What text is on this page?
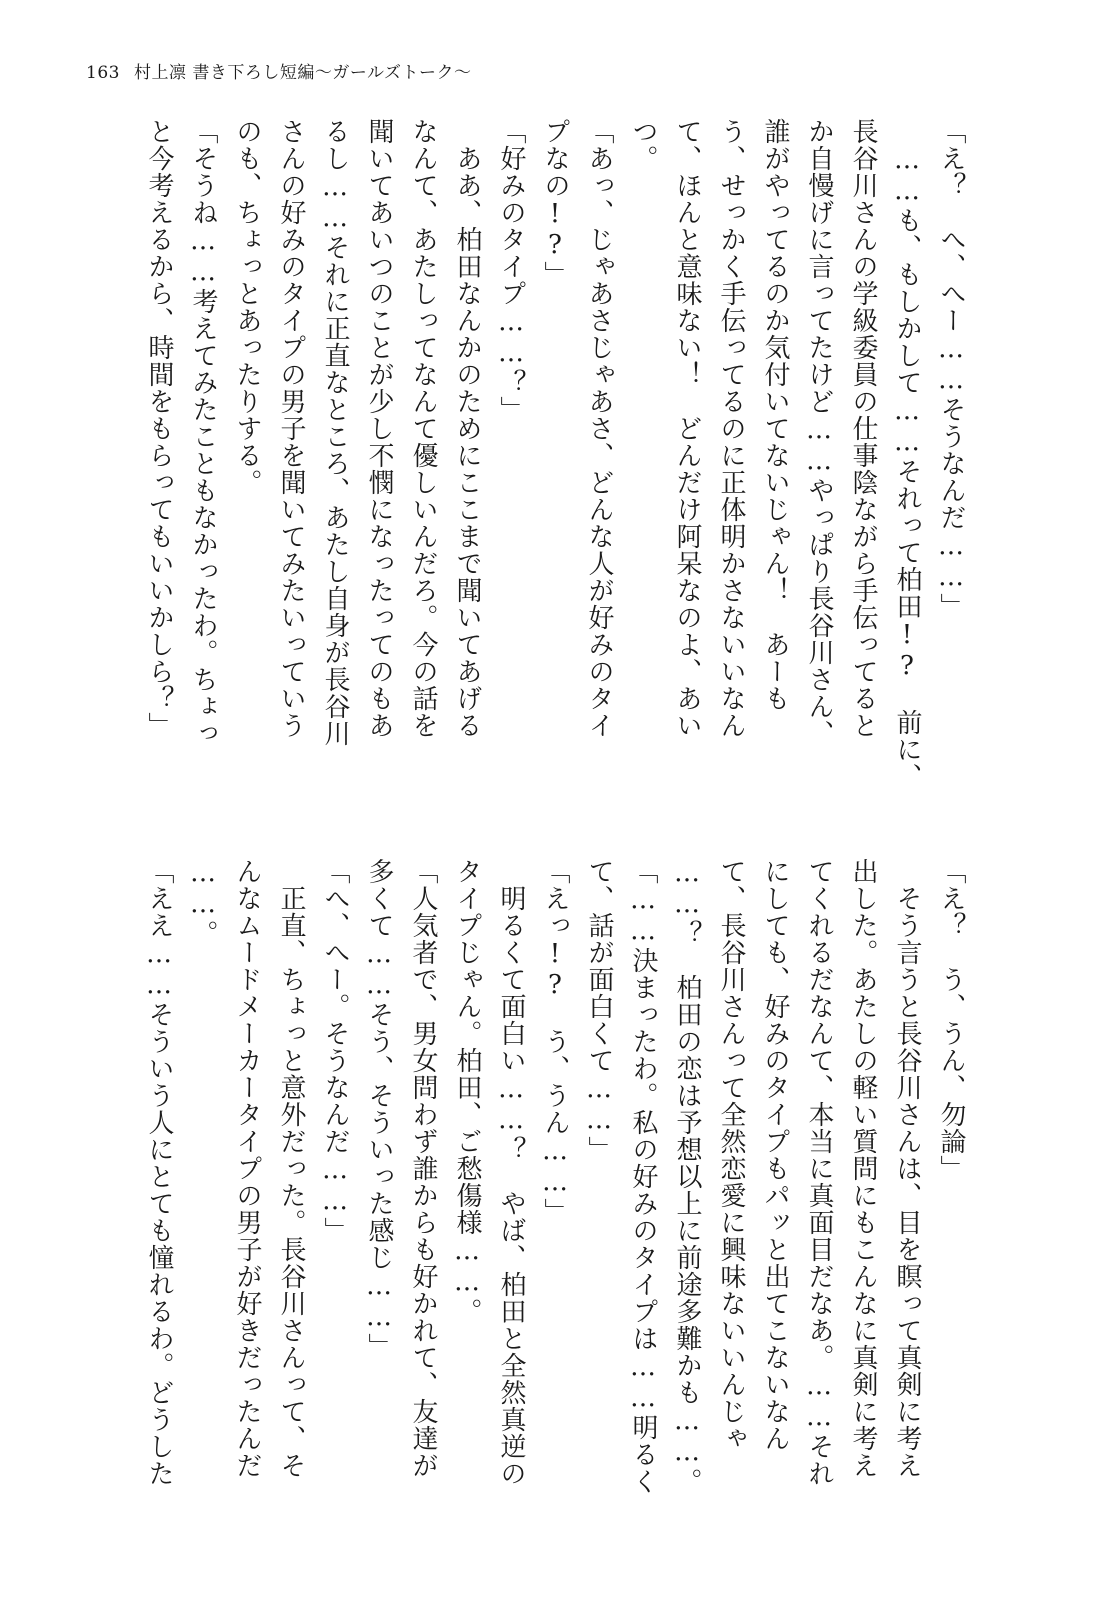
163 村上凛 書き下ろし短編〜ガールズトーク〜
「え？　へ、へー……そうなんだ……」
　……も、もしかして……それって柏田!?　前に、
長谷川さんの学級委員の仕事陰ながら手伝ってると
か自慢げに言ってたけど……やっぱり長谷川さん、
誰がやってるのか気付いてないじゃん！　あーも
う、せっかく手伝ってるのに正体明かさないいなん
て、ほんと意味ない！　どんだけ阿呆なのよ、あい
つ。
「あっ、じゃあさじゃあさ、どんな人が好みのタイ
プなの!?」
「好みのタイプ……？」
　ああ、柏田なんかのためにここまで聞いてあげる
なんて、あたしってなんて優しいんだろ。今の話を
聞いてあいつのことが少し不憫になったってのもあ
るし……それに正直なところ、あたし自身が長谷川
さんの好みのタイプの男子を聞いてみたいっていう
のも、ちょっとあったりする。
「そうね……考えてみたこともなかったわ。ちょっ
と今考えるから、時間をもらってもいいかしら？」
「え？　う、うん、勿論」
　そう言うと長谷川さんは、目を瞑って真剣に考え
出した。あたしの軽い質問にもこんなに真剣に考え
てくれるだなんて、本当に真面目だなあ。……それ
にしても、好みのタイプもパッと出てこないなん
て、長谷川さんって全然恋愛に興味ないいんじゃ
……？　柏田の恋は予想以上に前途多難かも……。
「……決まったわ。私の好みのタイプは……明るく
て、話が面白くて……」
「えっ!?　う、うん……」
　明るくて面白い……？　やば、柏田と全然真逆の
タイプじゃん。柏田、ご愁傷様……。
「人気者で、男女問わず誰からも好かれて、友達が
多くて……そう、そういった感じ……」
「へ、へー。そうなんだ……」
　正直、ちょっと意外だった。長谷川さんって、そ
んなムードメーカータイプの男子が好きだったんだ
……。
「ええ……そういう人にとても憧れるわ。どうした
